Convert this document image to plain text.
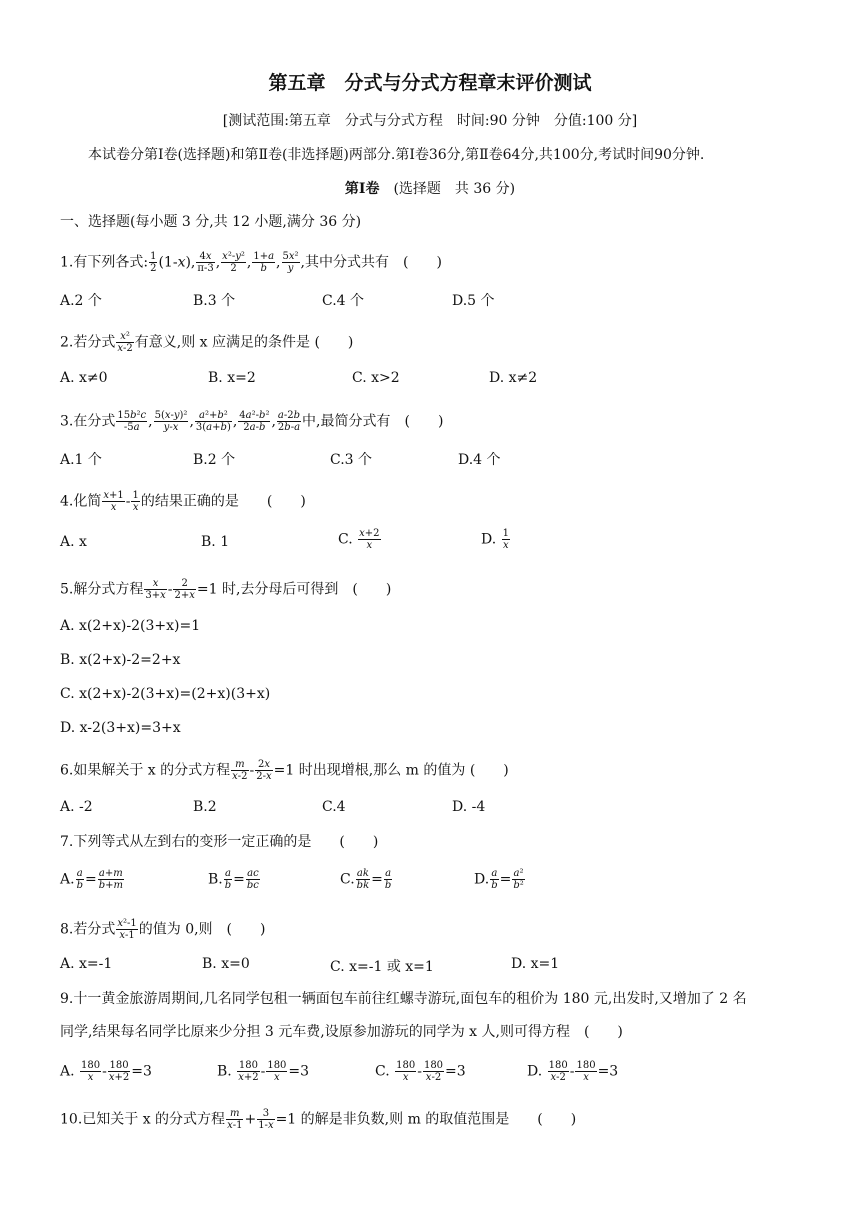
第五章　分式与分式方程章末评价测试
[测试范围:第五章　分式与分式方程　时间:90 分钟　分值:100 分]
本试卷分第Ⅰ卷(选择题)和第Ⅱ卷(非选择题)两部分.第Ⅰ卷36分,第Ⅱ卷64分,共100分,考试时间90分钟.
第Ⅰ卷　 (选择题　共 36 分)
一、选择题(每小题 3 分,共 12 小题,满分 36 分)
1.有下列各式: $\frac{1}{2} (1-x)$, $\frac{4x}{\pi-3}$ , $\frac{\text{x²-y²}}{2}$ , $\frac{1+a}{b}$ , $\frac{\text{5x²}}{y}$ ,其中分式共有　(　　)
A.2 个	B.3 个	C.4 个	D.5 个
2.若分式 $\frac{\text{x²}}{x-2}$ 有意义,则 x 应满足的条件是 (　　)
A. x≠0	B. x=2	C. x>2	D. x≠2
3.在分式 $\frac{\text{15b²c}}{-5a}$ , $\frac{\text{5(x-y)²}}{y-x}$ , $\frac{\text{a²+b²}}{3(a+b)}$ , $\frac{\text{4a²-b²}}{2a-b}$ , $\frac{a-2b}{2b-a}$ 中,最简分式有　(　　)
A.1 个	B.2 个	C.3 个	D.4 个
4.化简 $\frac{x+1}{x} - \frac{1}{x}$ 的结果正确的是　　(　　)
A. x	B. 1	C. $\frac{x+2}{x}$	D. $\frac{1}{x}$
5.解分式方程 $\frac{x}{3+x} - \frac{2}{2+x} =1$ 时,去分母后可得到　(　　)
A. x(2+x)-2(3+x)=1
B. x(2+x)-2=2+x
C. x(2+x)-2(3+x)=(2+x)(3+x)
D. x-2(3+x)=3+x
6.如果解关于 x 的分式方程 $\frac{m}{x-2} - \frac{2x}{2-x} =1$ 时出现增根,那么 m 的值为 (　　)
A. -2	B.2	C.4	D. -4
7.下列等式从左到右的变形一定正确的是　　(　　)
A. $\frac{a}{b} = \frac{a+m}{b+m}$	B. $\frac{a}{b} = \frac{ac}{bc}$	C. $\frac{ak}{bk} = \frac{a}{b}$	D. $\frac{a}{b} = \frac{\text{a²}}{\text{b²}}$
8.若分式 $\frac{\text{x²-1}}{x-1}$ 的值为 0,则　(　　)
A. x=-1	B. x=0	C. x=-1 或 x=1	D. x=1
9.十一黄金旅游周期间,几名同学包租一辆面包车前往红螺寺游玩,面包车的租价为 180 元,出发时,又增加了 2 名
同学,结果每名同学比原来少分担 3 元车费,设原参加游玩的同学为 x 人,则可得方程　(　　)
A. $\frac{180}{x} - \frac{180}{x+2} =3$	B. $\frac{180}{x+2} - \frac{180}{x} =3$	C. $\frac{180}{x} - \frac{180}{x-2} =3$	D. $\frac{180}{x-2} - \frac{180}{x} =3$
10.已知关于 x 的分式方程 $\frac{m}{x-1} + \frac{3}{1-x} =1$ 的解是非负数,则 m 的取值范围是　　(　　)
